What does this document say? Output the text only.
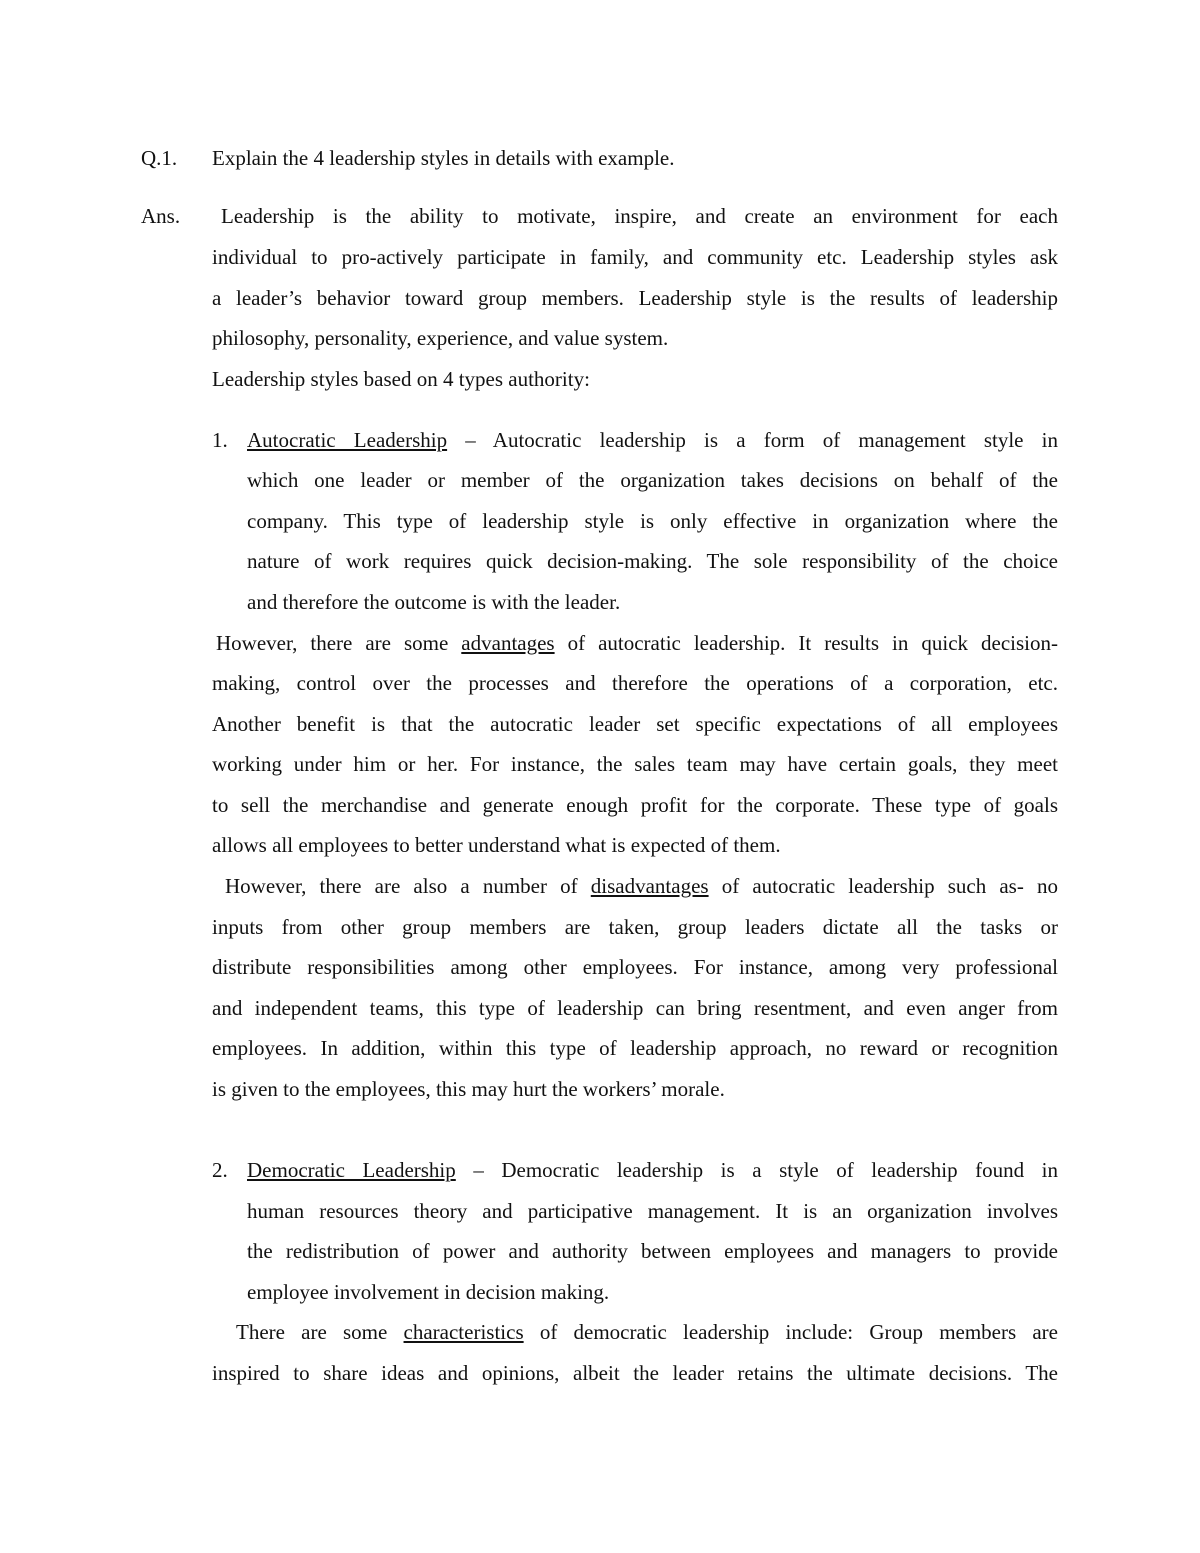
Q.1. Explain the 4 leadership styles in details with example.
Ans.	Leadership is the ability to motivate, inspire, and create an environment for each
individual to pro-actively participate in family, and community etc. Leadership styles ask
a leader’s behavior toward group members. Leadership style is the results of leadership
philosophy, personality, experience, and value system.
Leadership styles based on 4 types authority:
1. Autocratic Leadership – Autocratic leadership is a form of management style in
which one leader or member of the organization takes decisions on behalf of the
company. This type of leadership style is only effective in organization where the
nature of work requires quick decision-making. The sole responsibility of the choice
and therefore the outcome is with the leader.
However, there are some advantages of autocratic leadership. It results in quick decision-
making, control over the processes and therefore the operations of a corporation, etc.
Another benefit is that the autocratic leader set specific expectations of all employees
working under him or her. For instance, the sales team may have certain goals, they meet
to sell the merchandise and generate enough profit for the corporate. These type of goals
allows all employees to better understand what is expected of them.
However, there are also a number of disadvantages of autocratic leadership such as- no
inputs from other group members are taken, group leaders dictate all the tasks or
distribute responsibilities among other employees. For instance, among very professional
and independent teams, this type of leadership can bring resentment, and even anger from
employees. In addition, within this type of leadership approach, no reward or recognition
is given to the employees, this may hurt the workers’ morale.
2. Democratic Leadership – Democratic leadership is a style of leadership found in
human resources theory and participative management. It is an organization involves
the redistribution of power and authority between employees and managers to provide
employee involvement in decision making.
There are some characteristics of democratic leadership include: Group members are
inspired to share ideas and opinions, albeit the leader retains the ultimate decisions. The
